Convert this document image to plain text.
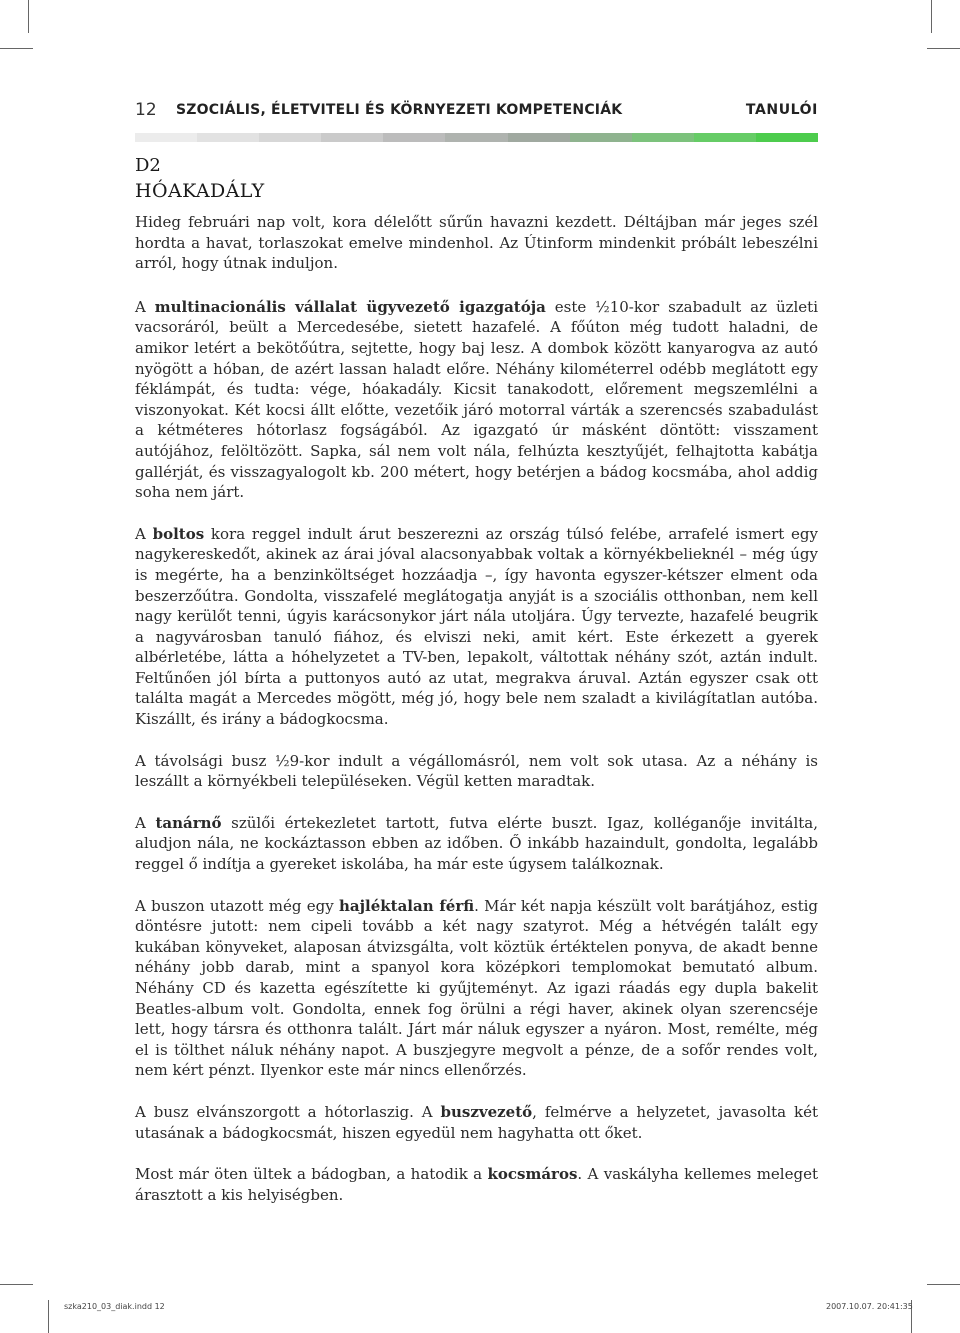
12 SZOCIÁLIS, ÉLETVITELI ÉS KÖRNYEZETI KOMPETENCIÁK	TANULÓI
D2
HÓAKADÁLY

Hideg februári nap volt, kora délelőtt sűrűn havazni kezdett. Déltájban már jeges szél hordta a havat, torlaszokat emelve mindenhol. Az Útinform mindenkit próbált lebeszélni arról, hogy útnak induljon.

A multinacionális vállalat ügyvezető igazgatója este ½10-kor szabadult az üzleti vacsoráról, beült a Mercedesébe, sietett hazafelé. A főúton még tudott haladni, de amikor letért a bekötőútra, sejtette, hogy baj lesz. A dombok között kanyarogva az autó nyögött a hóban, de azért lassan haladt előre. Néhány kilométerrel odébb meglátott egy féklámpát, és tudta: vége, hóakadály. Kicsit tanakodott, előrement megszemlélni a viszonyokat. Két kocsi állt előtte, vezetőik járó motorral várták a szerencsés szabadulást a kétméteres hótorlasz fogságából. Az igazgató úr másként döntött: visszament autójához, felöltözött. Sapka, sál nem volt nála, felhúzta kesztyűjét, felhajtotta kabátja gallérját, és visszagyalogolt kb. 200 métert, hogy betérjen a bádog kocsmába, ahol addig soha nem járt.

A boltos kora reggel indult árut beszerezni az ország túlsó felébe, arrafelé ismert egy nagykereskedőt, akinek az árai jóval alacsonyabbak voltak a környékbelieknél – még úgy is megérte, ha a benzinköltséget hozzáadja –, így havonta egyszer-kétszer elment oda beszerzőútra. Gondolta, visszafelé meglátogatja anyját is a szociális otthonban, nem kell nagy kerülőt tenni, úgyis karácsonykor járt nála utoljára. Úgy tervezte, hazafelé beugrik a nagyvárosban tanuló fiához, és elviszi neki, amit kért. Este érkezett a gyerek albérletébe, látta a hóhelyzetet a TV-ben, lepakolt, váltottak néhány szót, aztán indult. Feltűnően jól bírta a puttonyos autó az utat, megrakva áruval. Aztán egyszer csak ott találta magát a Mercedes mögött, még jó, hogy bele nem szaladt a kivilágítatlan autóba. Kiszállt, és irány a bádogkocsma.

A távolsági busz ½9-kor indult a végállomásról, nem volt sok utasa. Az a néhány is leszállt a környékbeli településeken. Végül ketten maradtak.

A tanárnő szülői értekezletet tartott, futva elérte buszt. Igaz, kolléganője invitálta, aludjon nála, ne kockáztasson ebben az időben. Ő inkább hazaindult, gondolta, legalább reggel ő indítja a gyereket iskolába, ha már este úgysem találkoznak.

A buszon utazott még egy hajléktalan férfi. Már két napja készült volt barátjához, estig döntésre jutott: nem cipeli tovább a két nagy szatyrot. Még a hétvégén talált egy kukában könyveket, alaposan átvizsgálta, volt köztük értéktelen ponyva, de akadt benne néhány jobb darab, mint a spanyol kora középkori templomokat bemutató album. Néhány CD és kazetta egészítette ki gyűjteményt. Az igazi ráadás egy dupla bakelit Beatles-album volt. Gondolta, ennek fog örülni a régi haver, akinek olyan szerencséje lett, hogy társra és otthonra talált. Járt már náluk egyszer a nyáron. Most, remélte, még el is tölthet náluk néhány napot. A buszjegyre megvolt a pénze, de a sofőr rendes volt, nem kért pénzt. Ilyenkor este már nincs ellenőrzés.

A busz elvánszorgott a hótorlaszig. A buszvezető, felmérve a helyzetet, javasolta két utasának a bádogkocsmát, hiszen egyedül nem hagyhatta ott őket.

Most már öten ültek a bádogban, a hatodik a kocsmáros. A vaskályha kellemes meleget árasztott a kis helyiségben.

szka210_03_diak.indd 12	2007.10.07. 20:41:35
